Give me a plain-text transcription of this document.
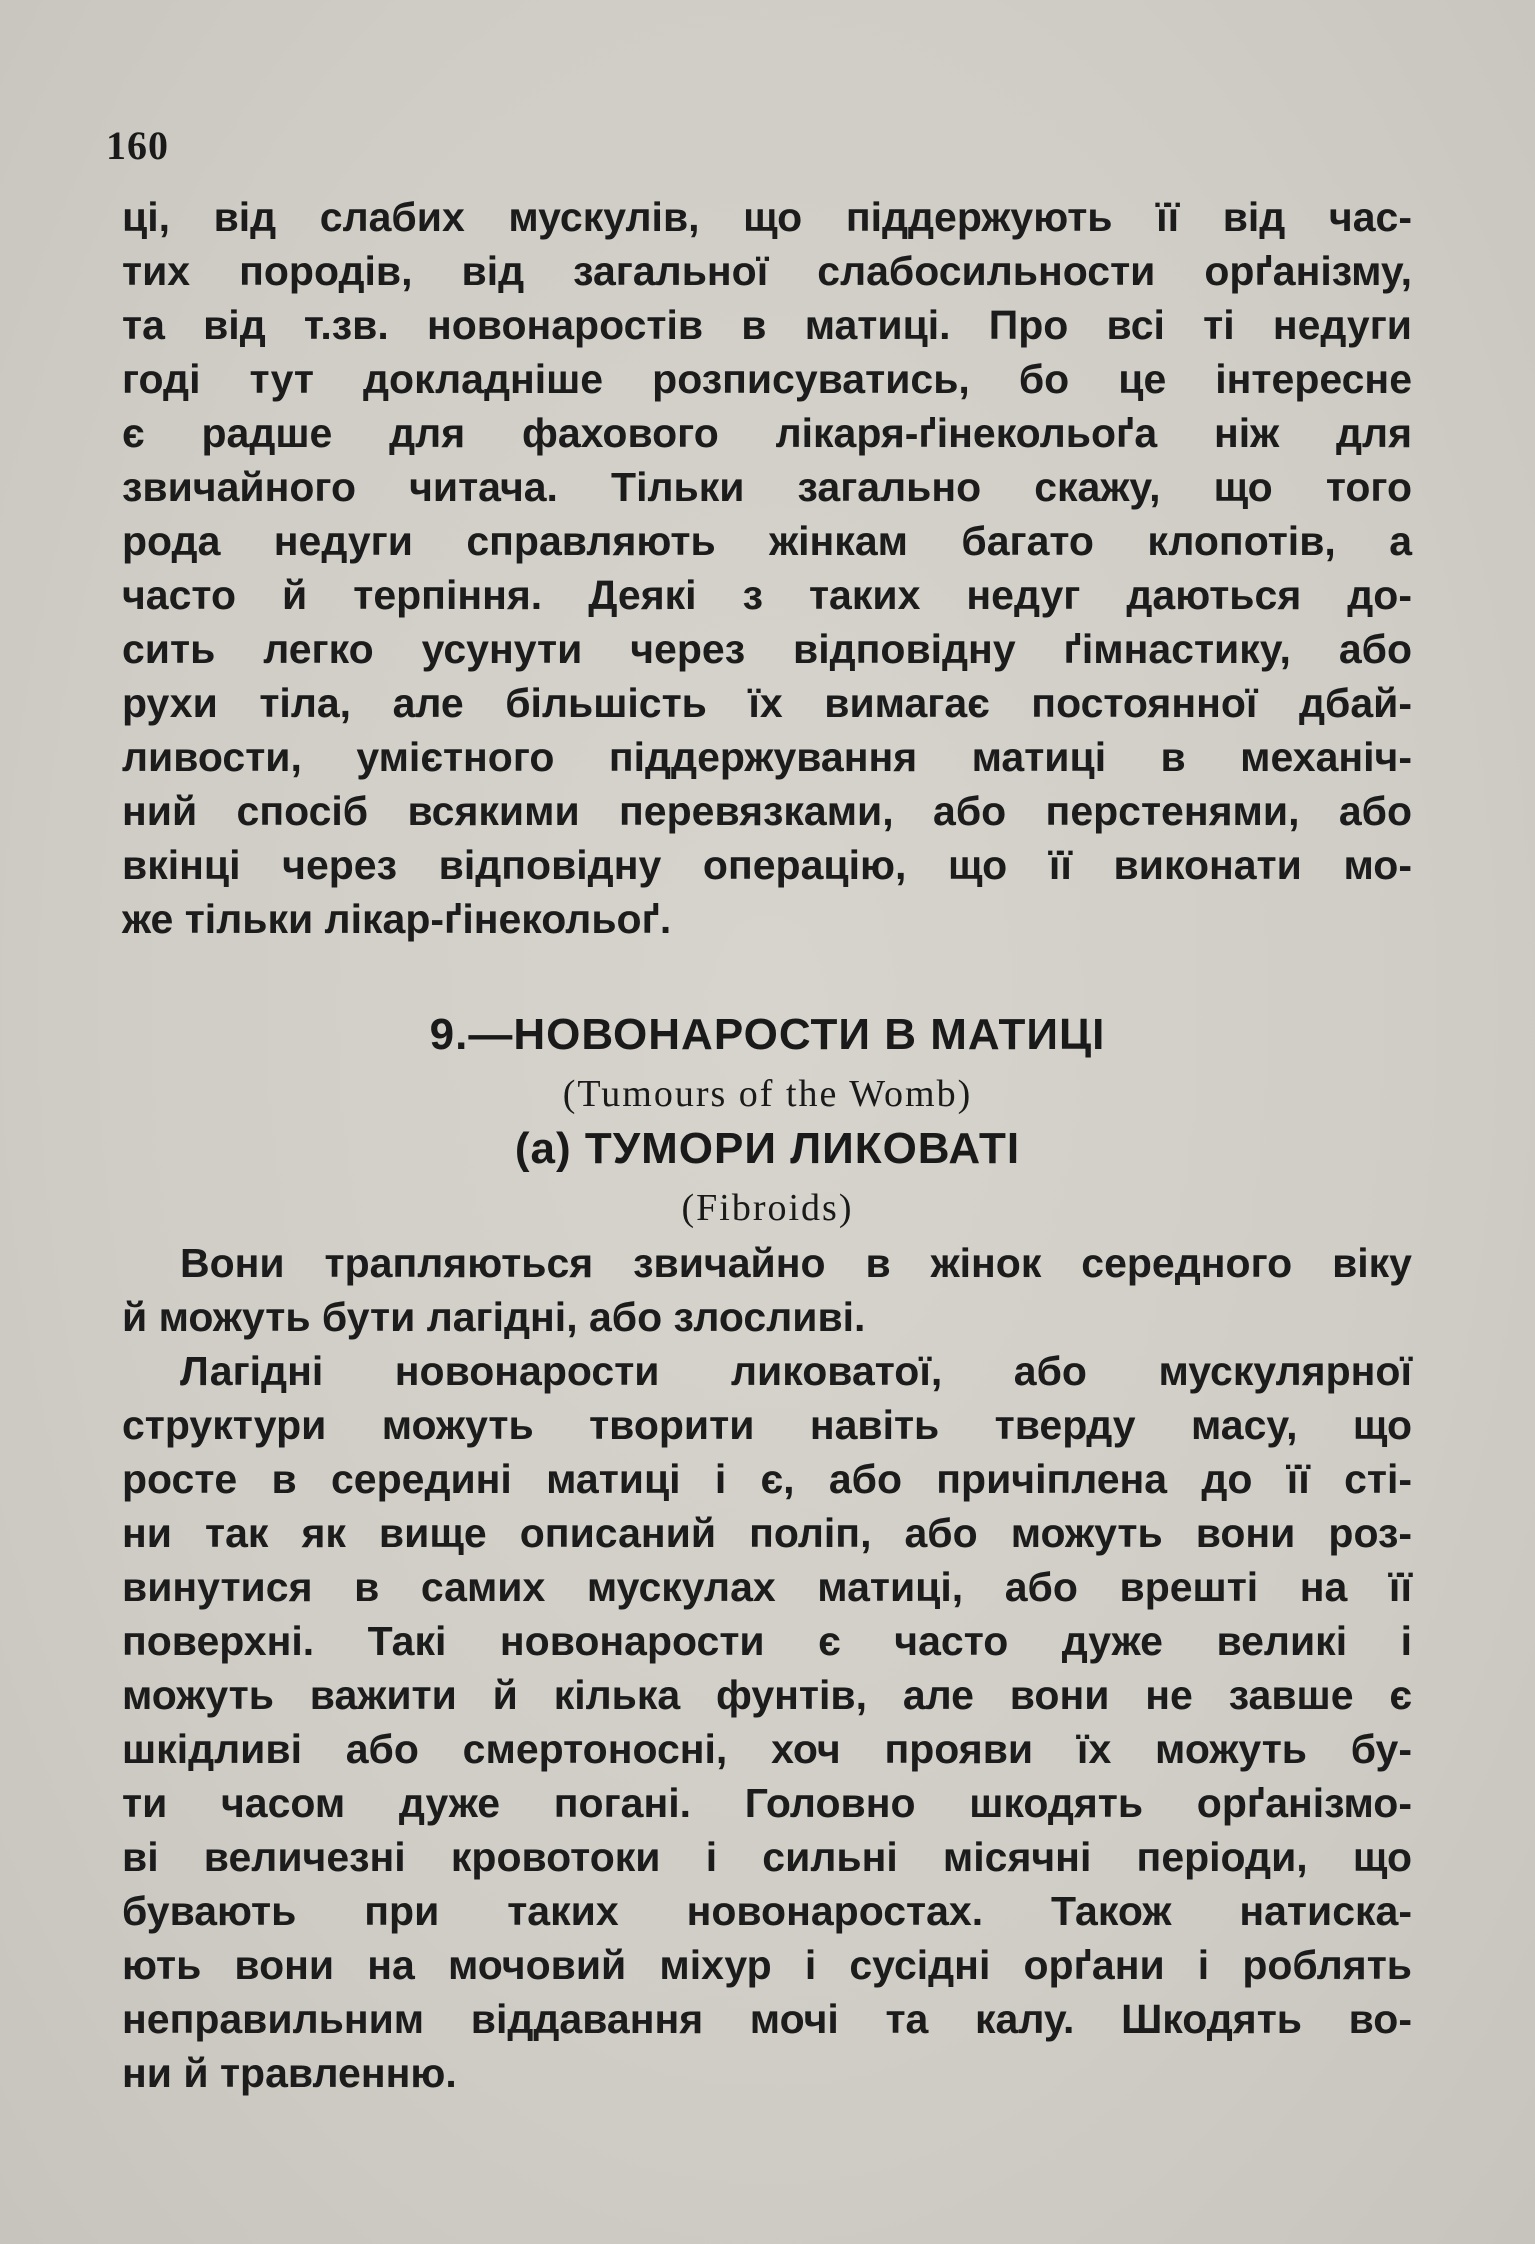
160
ці, від слабих мускулів, що піддержують її від час-
тих породів, від загальної слабосильности орґанізму,
та від т.зв. новонаростів в матиці. Про всі ті недуги
годі тут докладніше розписуватись, бо це інтересне
є радше для фахового лікаря-ґінекольоґа ніж для
звичайного читача. Тільки загально скажу, що того
рода недуги справляють жінкам багато клопотів, а
часто й терпіння. Деякі з таких недуг даються до-
сить легко усунути через відповідну ґімнастику, або
рухи тіла, але більшість їх вимагає постоянної дбай-
ливости, умієтного піддержування матиці в механіч-
ний спосіб всякими перевязками, або перстенями, або
вкінці через відповідну операцію, що її виконати мо-
же тільки лікар-ґінекольоґ.
9.—НОВОНАРОСТИ В МАТИЦІ
(Tumours of the Womb)
(a) ТУМОРИ ЛИКОВАТІ
(Fibroids)
Вони трапляються звичайно в жінок середного віку
й можуть бути лагідні, або злосливі.
Лагідні новонарости ликоватої, або мускулярної
структури можуть творити навіть тверду масу, що
росте в середині матиці і є, або причіплена до її сті-
ни так як вище описаний поліп, або можуть вони роз-
винутися в самих мускулах матиці, або врешті на її
поверхні. Такі новонарости є часто дуже великі і
можуть важити й кілька фунтів, але вони не завше є
шкідливі або смертоносні, хоч прояви їх можуть бу-
ти часом дуже погані. Головно шкодять орґанізмо-
ві величезні кровотоки і сильні місячні періоди, що
бувають при таких новонаростах. Також натиска-
ють вони на мочовий міхур і сусідні орґани і роблять
неправильним віддавання мочі та калу. Шкодять во-
ни й травленню.
